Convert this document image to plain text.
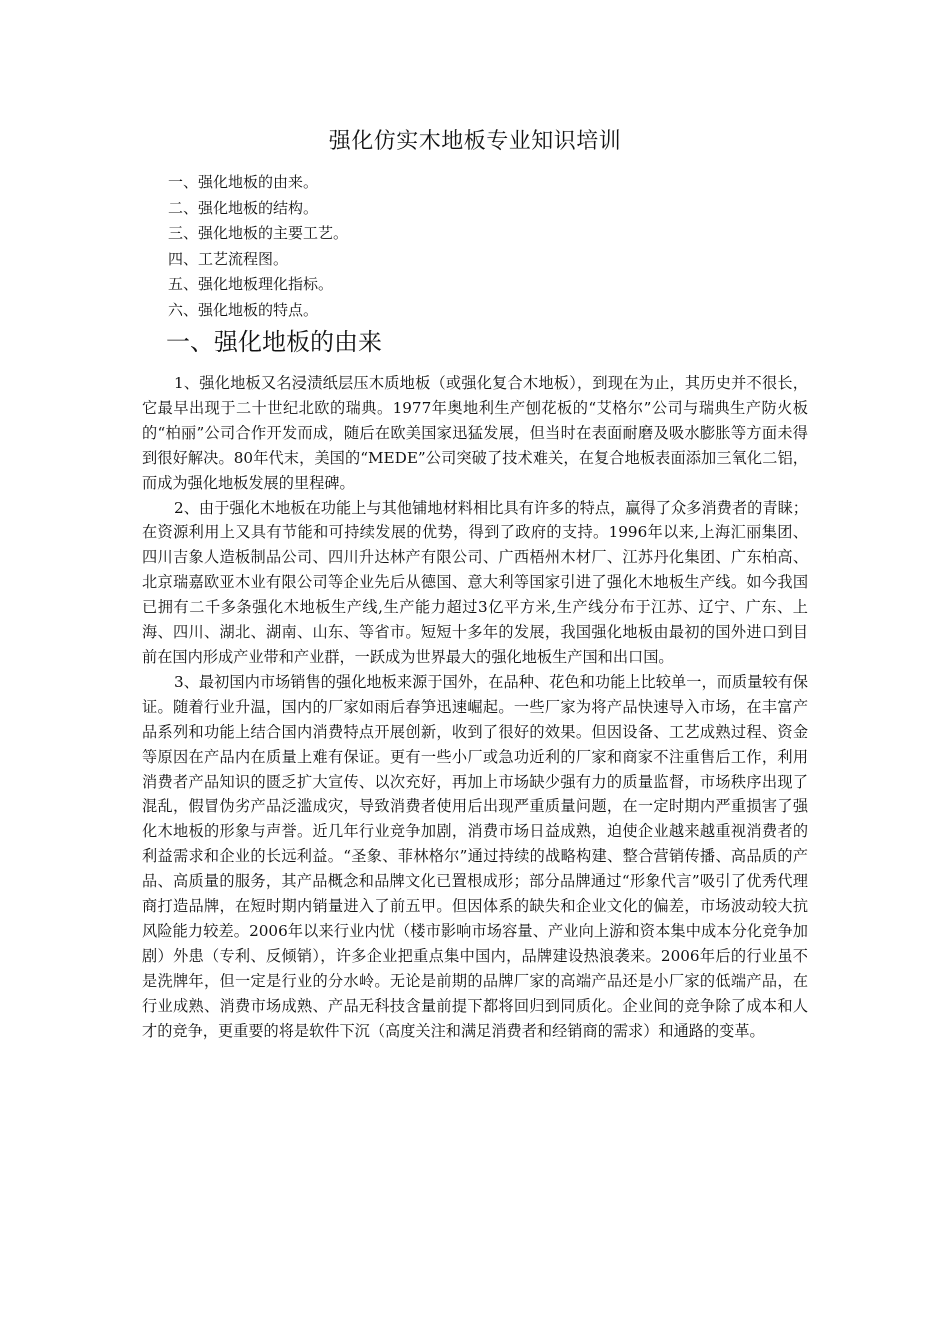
强化仿实木地板专业知识培训
一、强化地板的由来。
二、强化地板的结构。
三、强化地板的主要工艺。
四、工艺流程图。
五、强化地板理化指标。
六、强化地板的特点。
一、强化地板的由来

1、强化地板又名浸渍纸层压木质地板（或强化复合木地板），到现在为止，其历史并不很长，它最早出现于二十世纪北欧的瑞典。1977年奥地利生产刨花板的“艾格尔”公司与瑞典生产防火板的“柏丽”公司合作开发而成，随后在欧美国家迅猛发展，但当时在表面耐磨及吸水膨胀等方面未得到很好解决。80年代末，美国的“MEDE”公司突破了技术难关，在复合地板表面添加三氧化二铝，而成为强化地板发展的里程碑。

2、由于强化木地板在功能上与其他铺地材料相比具有许多的特点，赢得了众多消费者的青睐；在资源利用上又具有节能和可持续发展的优势，得到了政府的支持。1996年以来,上海汇丽集团、四川吉象人造板制品公司、四川升达林产有限公司、广西梧州木材厂、江苏丹化集团、广东柏高、北京瑞嘉欧亚木业有限公司等企业先后从德国、意大利等国家引进了强化木地板生产线。如今我国已拥有二千多条强化木地板生产线,生产能力超过3亿平方米,生产线分布于江苏、辽宁、广东、上海、四川、湖北、湖南、山东、等省市。短短十多年的发展，我国强化地板由最初的国外进口到目前在国内形成产业带和产业群，一跃成为世界最大的强化地板生产国和出口国。

3、最初国内市场销售的强化地板来源于国外，在品种、花色和功能上比较单一，而质量较有保证。随着行业升温，国内的厂家如雨后春笋迅速崛起。一些厂家为将产品快速导入市场，在丰富产品系列和功能上结合国内消费特点开展创新，收到了很好的效果。但因设备、工艺成熟过程、资金等原因在产品内在质量上难有保证。更有一些小厂或急功近利的厂家和商家不注重售后工作，利用消费者产品知识的匮乏扩大宣传、以次充好，再加上市场缺少强有力的质量监督，市场秩序出现了混乱，假冒伪劣产品泛滥成灾，导致消费者使用后出现严重质量问题，在一定时期内严重损害了强化木地板的形象与声誉。近几年行业竞争加剧，消费市场日益成熟，迫使企业越来越重视消费者的利益需求和企业的长远利益。“圣象、菲林格尔”通过持续的战略构建、整合营销传播、高品质的产品、高质量的服务，其产品概念和品牌文化已置根成形；部分品牌通过“形象代言”吸引了优秀代理商打造品牌，在短时期内销量进入了前五甲。但因体系的缺失和企业文化的偏差，市场波动较大抗风险能力较差。2006年以来行业内忧（楼市影响市场容量、产业向上游和资本集中成本分化竞争加剧）外患（专利、反倾销），许多企业把重点集中国内，品牌建设热浪袭来。2006年后的行业虽不是洗牌年，但一定是行业的分水岭。无论是前期的品牌厂家的高端产品还是小厂家的低端产品，在行业成熟、消费市场成熟、产品无科技含量前提下都将回归到同质化。企业间的竞争除了成本和人才的竞争，更重要的将是软件下沉（高度关注和满足消费者和经销商的需求）和通路的变革。
